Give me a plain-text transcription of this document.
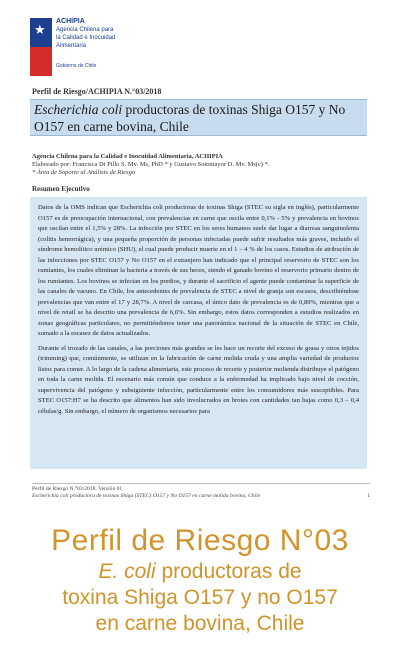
★
ACHIPIA
Agencia Chilena para la Calidad e Inocuidad Alimentaria
Gobierno de Chile
Perfil de Riesgo/ACHIPIA N.°03/2018
Escherichia coli productoras de toxinas Shiga O157 y No O157 en carne bovina, Chile
Agencia Chilena para la Calidad e Inocuidad Alimentaria, ACHIPIA
Elaborado por: Francisca Di Pillo S. Mv. Ms, PhD * y Gustavo Sotomayor D. Mv. Ms(c) *.
* Área de Soporte al Análisis de Riesgo
Resumen Ejecutivo

Datos de la OMS indican que Escherichia coli productoras de toxinas Shiga (STEC su sigla en inglés), particularmente O157 es de preocupación internacional, con prevalencias en carne que oscila entre 0,1% - 5% y prevalencia en bovinos que oscilan entre el 1,5% y 28%. La infección por STEC en los seres humanos suele dar lugar a diarreas sanguinolenta (colitis hemorrágica), y una pequeña proporción de personas infectadas puede sufrir resultados más graves, incluido el síndrome hemolítico urémico (SHU), el cual puede producir muerte en el 1 – 4 % de los casos. Estudios de atribución de las infecciones por STEC O157 y No O157 en el extranjero han indicado que el principal reservorio de STEC son los rumiantes, los cuales eliminan la bacteria a través de sus heces, siendo el ganado bovino el reservorio primario dentro de los rumiantes. Los bovinos se infectan en los predios, y durante el sacrificio el agente puede contaminar la superficie de las canales de vacuno. En Chile, los antecedentes de prevalencia de STEC a nivel de granja son escasos, describiéndose prevalencias que van entre el 17 y 28,7%. A nivel de carcasa, el único dato de prevalencia es de 0,89%, mientras que a nivel de retail se ha descrito una prevalencia de 6,6%. Sin embargo, estos datos corresponden a estudios realizados en zonas geográficas particulares, no permitiéndonos tener una panorámica nacional de la situación de STEC en Chile, sumado a la escasez de datos actualizados.

Durante el trozado de las canales, a las porciones más grandes se les hace un recorte del exceso de grasa y otros tejidos (trimming) que, comúnmente, se utilizan en la fabricación de carne molida cruda y una amplia variedad de productos listos para comer. A lo largo de la cadena alimentaria, este proceso de recorte y posterior molienda distribuye el patógeno en toda la carne molida. El escenario más común que conduce a la enfermedad ha implicado bajo nivel de cocción, supervivencia del patógeno y subsiguiente infección, particularmente entre los consumidores más susceptibles. Para STEC O157:H7 se ha descrito que alimentos han sido involucrados en brotes con cantidades tan bajas como 0,3 – 0,4 células/g. Sin embargo, el número de organismos necesarios para

Perfil de Riesgo N.°03/2018. Versión 01
Escherichia coli productora de toxinas Shiga (STEC) O157 y No O157 en carne molida bovina, Chile	1
Perfil de Riesgo N°03
E. coli productoras de
toxina Shiga O157 y no O157
en carne bovina, Chile
